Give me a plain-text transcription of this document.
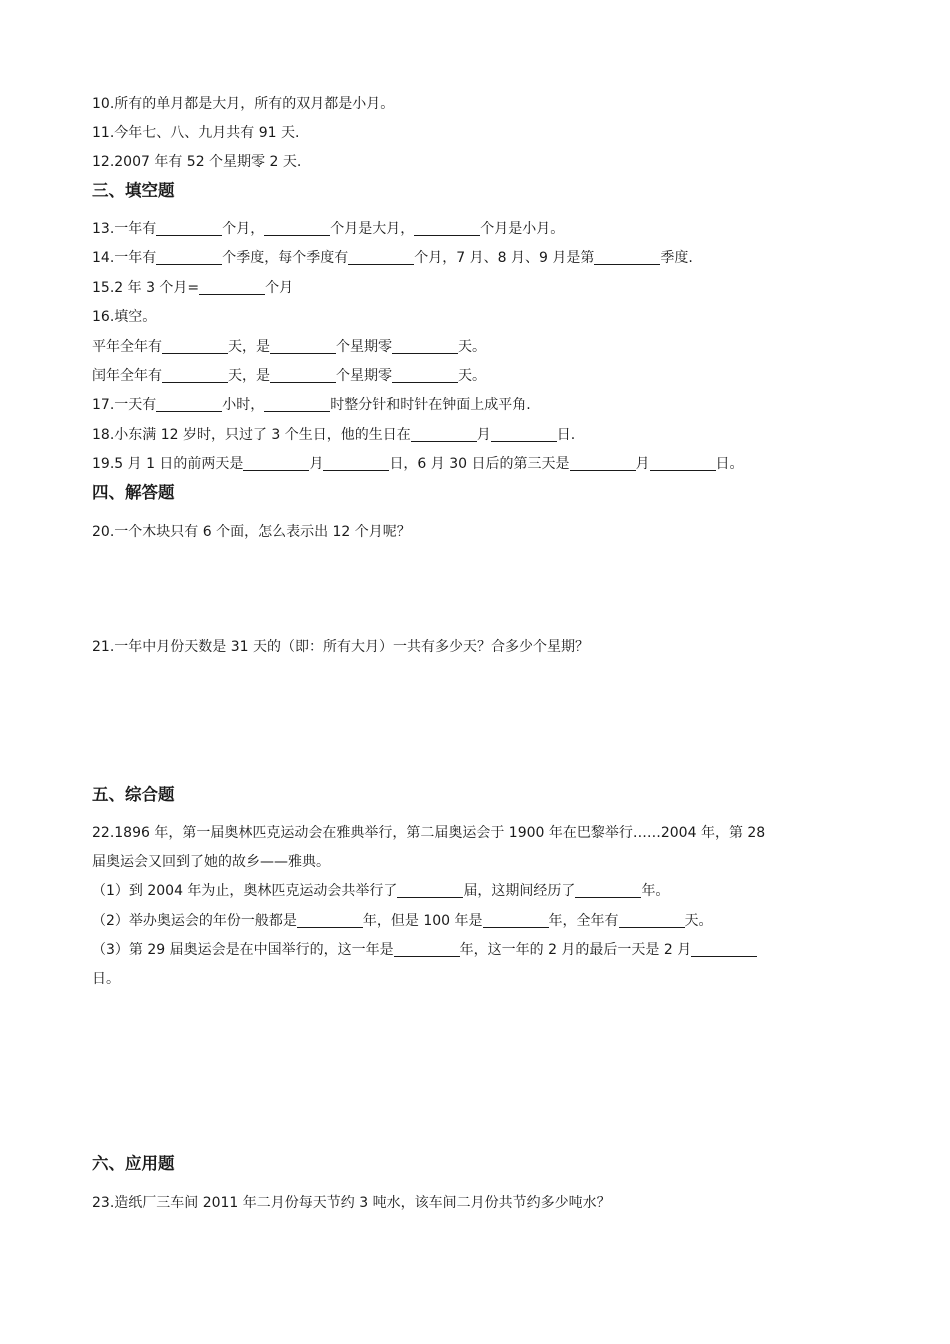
10.所有的单月都是大月，所有的双月都是小月。
11.今年七、八、九月共有 91 天.
12.2007 年有 52 个星期零 2 天.
三、填空题
13.一年有	个月，	个月是大月，	个月是小月。
14.一年有	个季度，每个季度有	个月，7 月、8 月、9 月是第	季度.
15.2 年 3 个月=	个月
16.填空。
平年全年有	天，是	个星期零	天。
闰年全年有	天，是	个星期零	天。
17.一天有	小时，	时整分针和时针在钟面上成平角.
18.小东满 12 岁时，只过了 3 个生日，他的生日在	月	日.
19.5 月 1 日的前两天是	月	日，6 月 30 日后的第三天是	月	日。
四、解答题
20.一个木块只有 6 个面，怎么表示出 12 个月呢？
21.一年中月份天数是 31 天的（即：所有大月）一共有多少天？合多少个星期？
五、综合题
22.1896 年，第一届奥林匹克运动会在雅典举行，第二届奥运会于 1900 年在巴黎举行……2004 年，第 28
届奥运会又回到了她的故乡——雅典。
（1）到 2004 年为止，奥林匹克运动会共举行了	届，这期间经历了	年。
（2）举办奥运会的年份一般都是	年，但是 100 年是	年，全年有	天。
（3）第 29 届奥运会是在中国举行的，这一年是	年，这一年的 2 月的最后一天是 2 月
日。
六、应用题
23.造纸厂三车间 2011 年二月份每天节约 3 吨水，该车间二月份共节约多少吨水？
